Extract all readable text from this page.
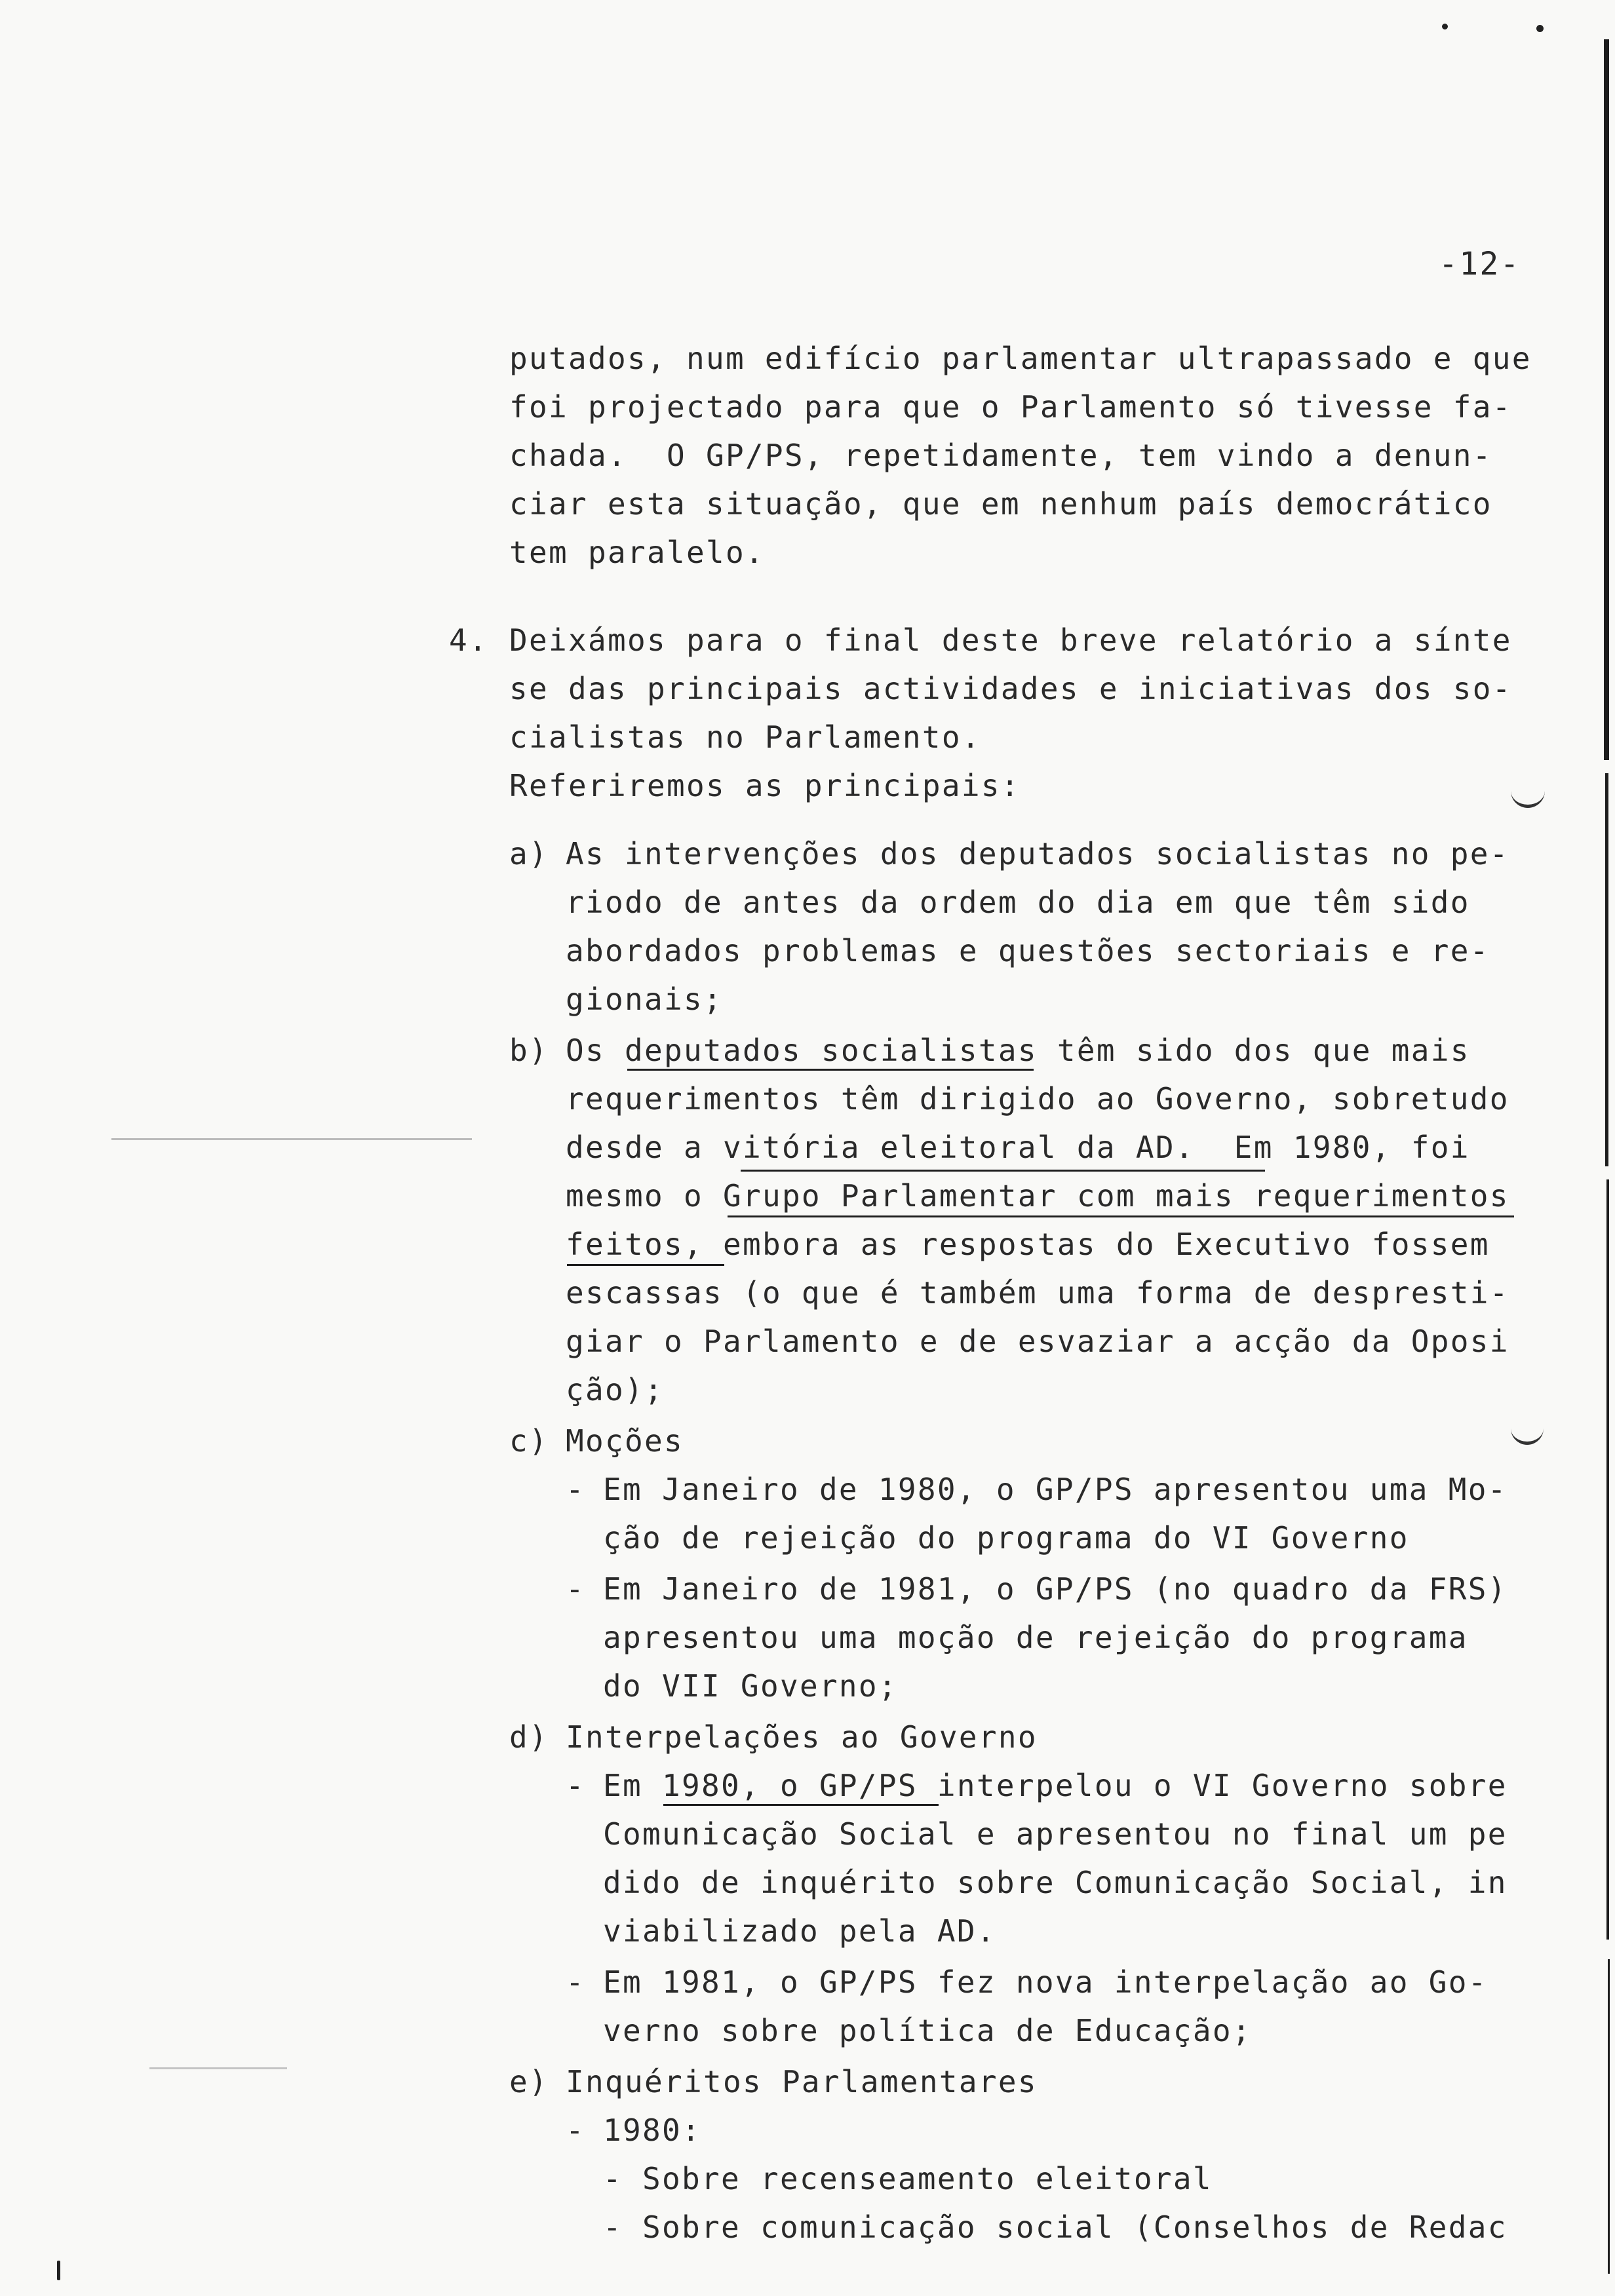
-12-
putados, num edifício parlamentar ultrapassado e que
foi projectado para que o Parlamento só tivesse fa-
chada.  O GP/PS, repetidamente, tem vindo a denun-
ciar esta situação, que em nenhum país democrático
tem paralelo.
4. Deixámos para o final deste breve relatório a sínte
se das principais actividades e iniciativas dos so-
cialistas no Parlamento.
Referiremos as principais:
a) As intervenções dos deputados socialistas no pe-
riodo de antes da ordem do dia em que têm sido
abordados problemas e questões sectoriais e re-
gionais;
b) Os deputados socialistas têm sido dos que mais
requerimentos têm dirigido ao Governo, sobretudo
desde a vitória eleitoral da AD.  Em 1980, foi
mesmo o Grupo Parlamentar com mais requerimentos
feitos, embora as respostas do Executivo fossem
escassas (o que é também uma forma de despresti-
giar o Parlamento e de esvaziar a acção da Oposi
ção);
c) Moções
- Em Janeiro de 1980, o GP/PS apresentou uma Mo-
ção de rejeição do programa do VI Governo
- Em Janeiro de 1981, o GP/PS (no quadro da FRS)
apresentou uma moção de rejeição do programa
do VII Governo;
d) Interpelações ao Governo
- Em 1980, o GP/PS interpelou o VI Governo sobre
Comunicação Social e apresentou no final um pe
dido de inquérito sobre Comunicação Social, in
viabilizado pela AD.
- Em 1981, o GP/PS fez nova interpelação ao Go-
verno sobre política de Educação;
e) Inquéritos Parlamentares
- 1980:
- Sobre recenseamento eleitoral
- Sobre comunicação social (Conselhos de Redac
